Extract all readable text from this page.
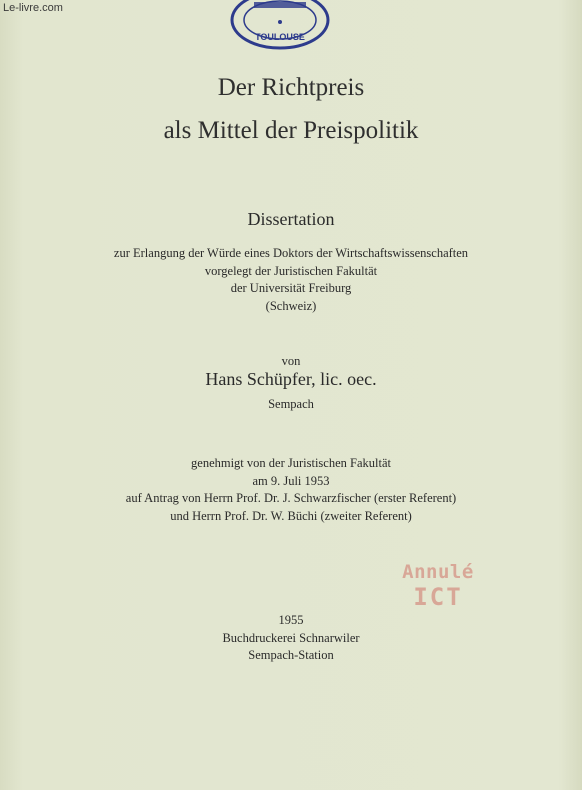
Le-livre.com
TOULOUSE
Der Richtpreis
als Mittel der Preispolitik
Dissertation
zur Erlangung der Würde eines Doktors der Wirtschaftswissenschaften
vorgelegt der Juristischen Fakultät
der Universität Freiburg
(Schweiz)
von
Hans Schüpfer, lic. oec.
Sempach
genehmigt von der Juristischen Fakultät
am 9. Juli 1953
auf Antrag von Herrn Prof. Dr. J. Schwarzfischer (erster Referent)
und Herrn Prof. Dr. W. Büchi (zweiter Referent)
Annulé
ICT
1955
Buchdruckerei Schnarwiler
Sempach-Station
